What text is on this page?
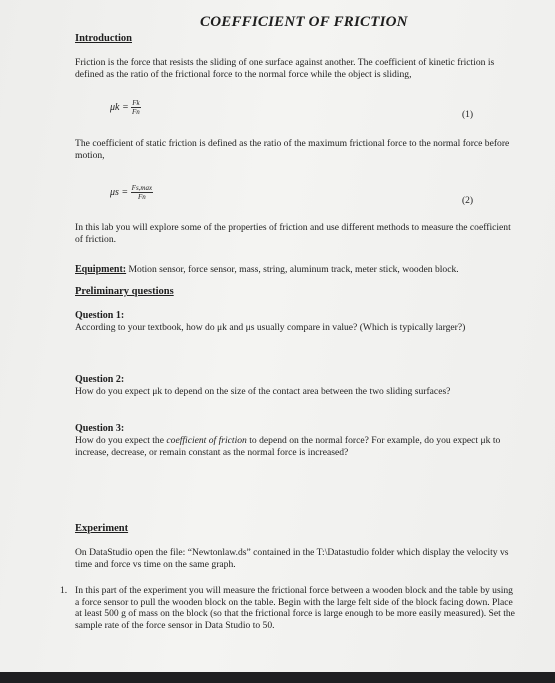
COEFFICIENT OF FRICTION

Introduction

Friction is the force that resists the sliding of one surface against another. The coefficient of kinetic friction is defined as the ratio of the frictional force to the normal force while the object is sliding,

$\mu k = \frac{Fk}{Fn}$	(1)

The coefficient of static friction is defined as the ratio of the maximum frictional force to the normal force before motion,

$\mu s = \frac{Fs,\max}{Fn}$	(2)

In this lab you will explore some of the properties of friction and use different methods to measure the coefficient of friction.

Equipment: Motion sensor, force sensor, mass, string, aluminum track, meter stick, wooden block.

Preliminary questions

Question 1:

According to your textbook, how do μk and μs usually compare in value? (Which is typically larger?)

Question 2:

How do you expect μk to depend on the size of the contact area between the two sliding surfaces?

Question 3:

How do you expect the coefficient of friction to depend on the normal force? For example, do you expect μk to increase, decrease, or remain constant as the normal force is increased?

Experiment

On DataStudio open the file: “Newtonlaw.ds” contained in the T:\Datastudio folder which display the velocity vs time and force vs time on the same graph.

1. In this part of the experiment you will measure the frictional force between a wooden block and the table by using a force sensor to pull the wooden block on the table. Begin with the large felt side of the block facing down. Place at least 500 g of mass on the block (so that the frictional force is large enough to be more easily measured). Set the sample rate of the force sensor in Data Studio to 50.
